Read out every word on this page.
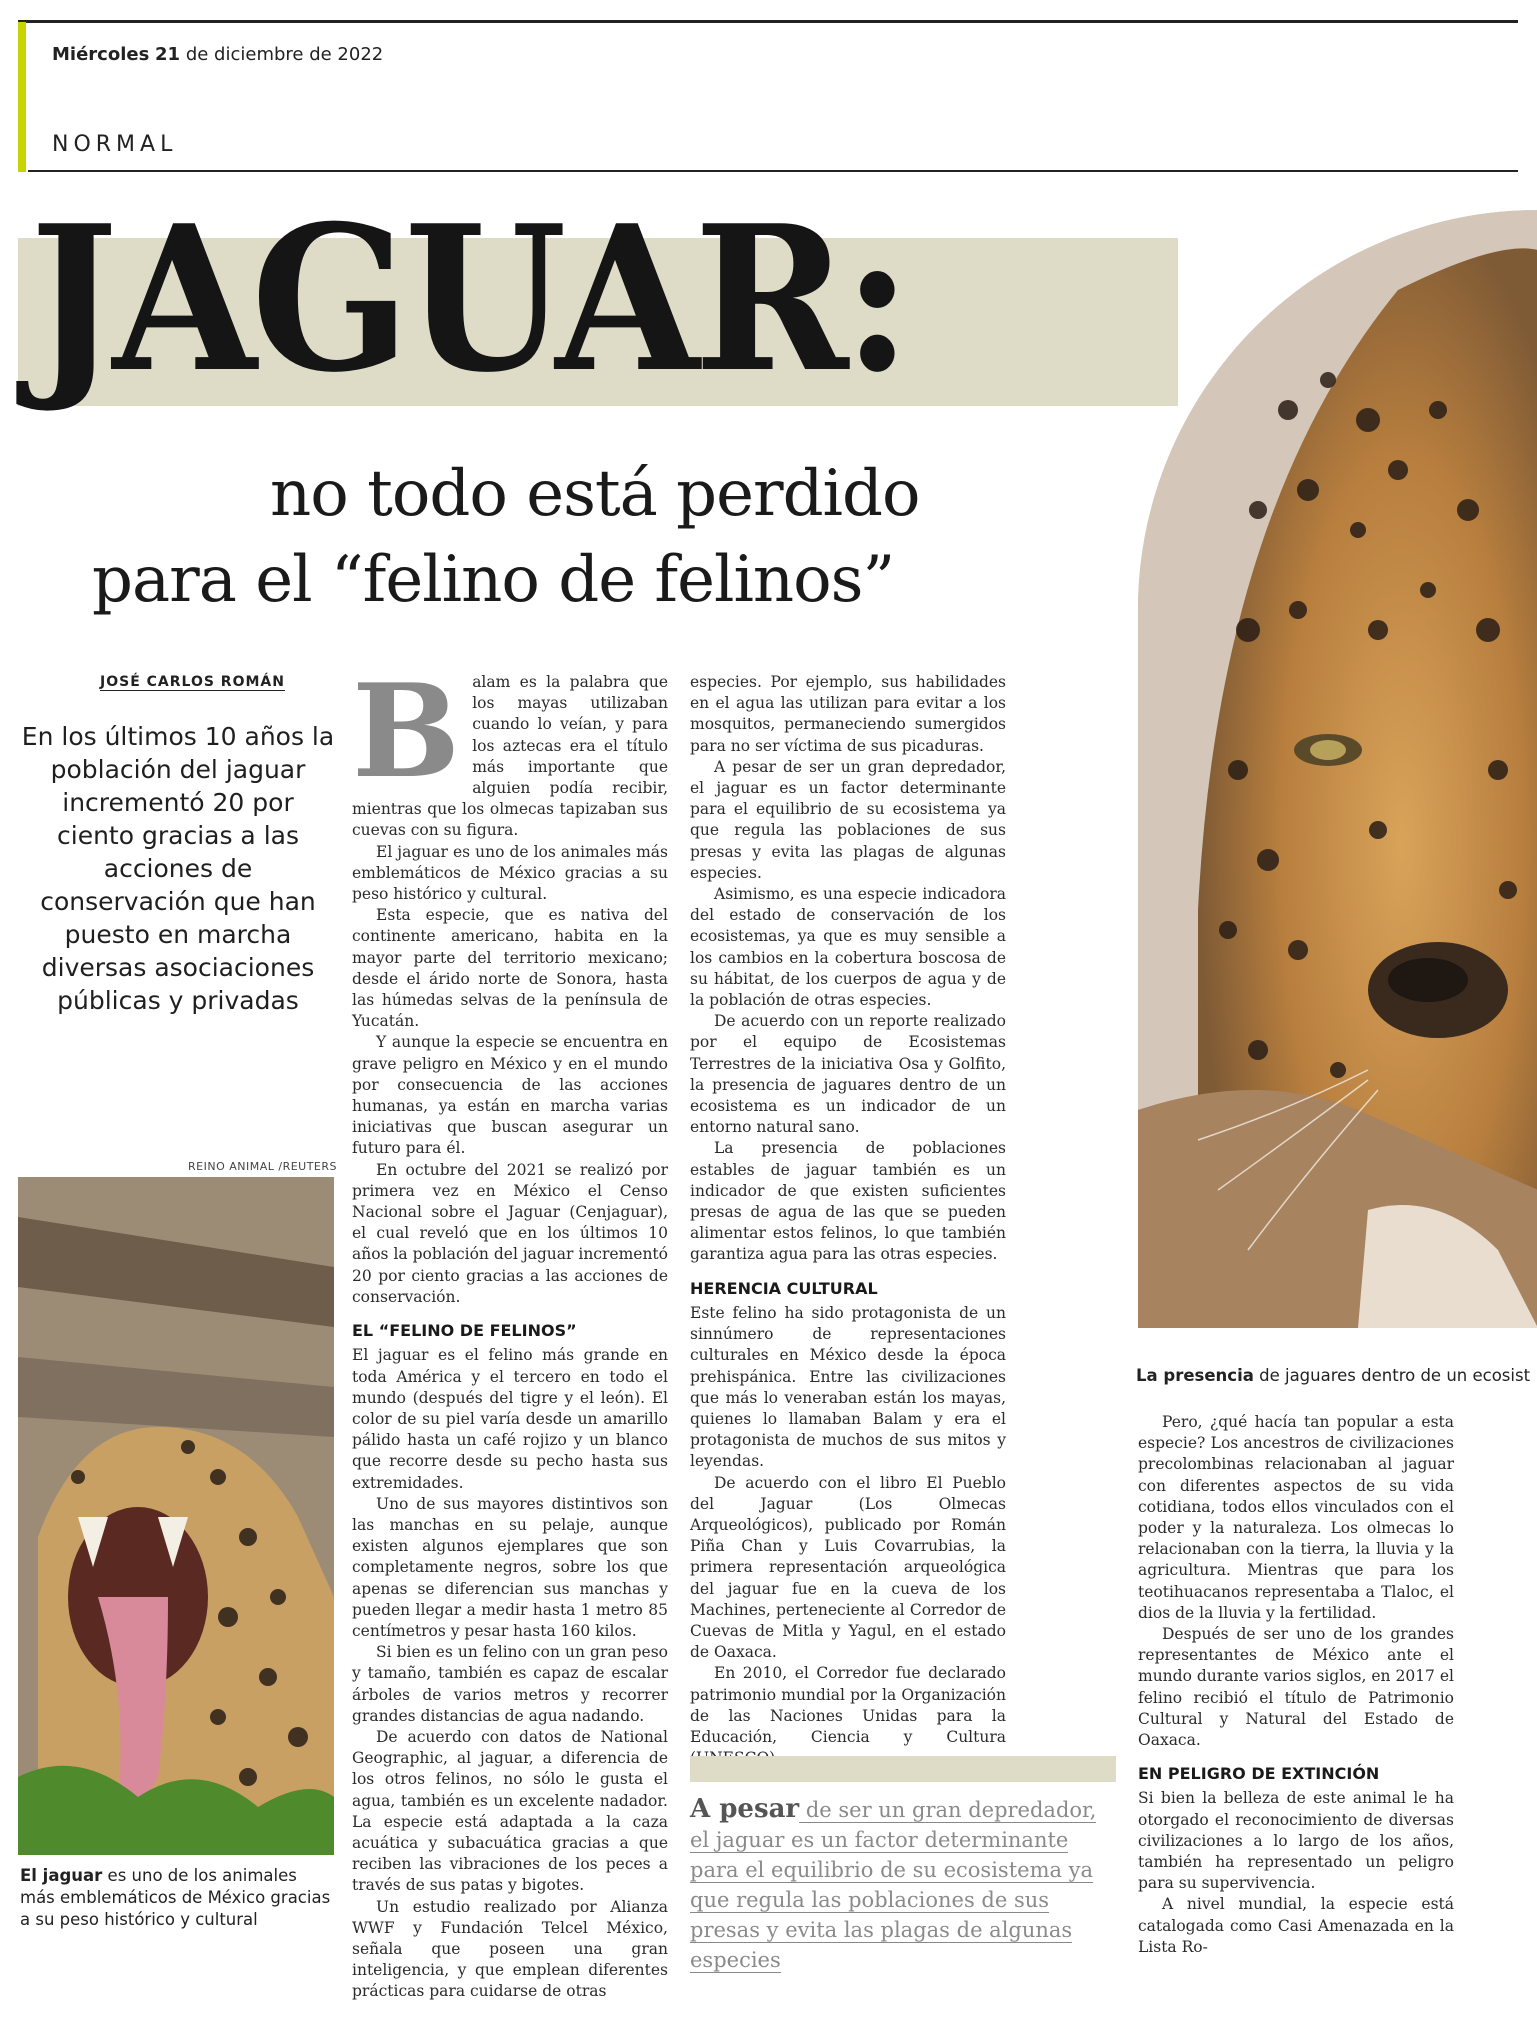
Miércoles 21 de diciembre de 2022
NORMAL
JAGUAR:
no todo está perdido
para el “felino de felinos”
JOSÉ CARLOS ROMÁN
En los últimos 10 años la población del jaguar incrementó 20 por ciento gracias a las acciones de conservación que han puesto en marcha diversas asociaciones públicas y privadas
REINO ANIMAL /REUTERS
El jaguar es uno de los animales más emblemáticos de México gracias a su peso histórico y cultural
La presencia de jaguares dentro de un ecosist
B alam es la palabra que los mayas utilizaban cuando lo veían, y para los aztecas era el título más importante que alguien podía recibir, mientras que los olmecas tapizaban sus cuevas con su figura.

El jaguar es uno de los animales más emblemáticos de México gracias a su peso histórico y cultural.

Esta especie, que es nativa del continente americano, habita en la mayor parte del territorio mexicano; desde el árido norte de Sonora, hasta las húmedas selvas de la península de Yucatán.

Y aunque la especie se encuentra en grave peligro en México y en el mundo por consecuencia de las acciones humanas, ya están en marcha varias iniciativas que buscan asegurar un futuro para él.

En octubre del 2021 se realizó por primera vez en México el Censo Nacional sobre el Jaguar (Cenjaguar), el cual reveló que en los últimos 10 años la población del jaguar incrementó 20 por ciento gracias a las acciones de conservación.

EL “FELINO DE FELINOS”

El jaguar es el felino más grande en toda América y el tercero en todo el mundo (después del tigre y el león). El color de su piel varía desde un amarillo pálido hasta un café rojizo y un blanco que recorre desde su pecho hasta sus extremidades.

Uno de sus mayores distintivos son las manchas en su pelaje, aunque existen algunos ejemplares que son completamente negros, sobre los que apenas se diferencian sus manchas y pueden llegar a medir hasta 1 metro 85 centímetros y pesar hasta 160 kilos.

Si bien es un felino con un gran peso y tamaño, también es capaz de escalar árboles de varios metros y recorrer grandes distancias de agua nadando.

De acuerdo con datos de National Geographic, al jaguar, a diferencia de los otros felinos, no sólo le gusta el agua, también es un excelente nadador. La especie está adaptada a la caza acuática y subacuática gracias a que reciben las vibraciones de los peces a través de sus patas y bigotes.

Un estudio realizado por Alianza WWF y Fundación Telcel México, señala que poseen una gran inteligencia, y que emplean diferentes prácticas para cuidarse de otras

especies. Por ejemplo, sus habilidades en el agua las utilizan para evitar a los mosquitos, permaneciendo sumergidos para no ser víctima de sus picaduras.

A pesar de ser un gran depredador, el jaguar es un factor determinante para el equilibrio de su ecosistema ya que regula las poblaciones de sus presas y evita las plagas de algunas especies.

Asimismo, es una especie indicadora del estado de conservación de los ecosistemas, ya que es muy sensible a los cambios en la cobertura boscosa de su hábitat, de los cuerpos de agua y de la población de otras especies.

De acuerdo con un reporte realizado por el equipo de Ecosistemas Terrestres de la iniciativa Osa y Golfito, la presencia de jaguares dentro de un ecosistema es un indicador de un entorno natural sano.

La presencia de poblaciones estables de jaguar también es un indicador de que existen suficientes presas de agua de las que se pueden alimentar estos felinos, lo que también garantiza agua para las otras especies.

HERENCIA CULTURAL

Este felino ha sido protagonista de un sinnúmero de representaciones culturales en México desde la época prehispánica. Entre las civilizaciones que más lo veneraban están los mayas, quienes lo llamaban Balam y era el protagonista de muchos de sus mitos y leyendas.

De acuerdo con el libro El Pueblo del Jaguar (Los Olmecas Arqueológicos), publicado por Román Piña Chan y Luis Covarrubias, la primera representación arqueológica del jaguar fue en la cueva de los Machines, perteneciente al Corredor de Cuevas de Mitla y Yagul, en el estado de Oaxaca.

En 2010, el Corredor fue declarado patrimonio mundial por la Organización de las Naciones Unidas para la Educación, Ciencia y Cultura

A pesar de ser un gran depredador, el jaguar es un factor determinante para el equilibrio de su ecosistema ya que regula las poblaciones de sus presas y evita las plagas de algunas especies

Pero, ¿qué hacía tan popular a esta especie? Los ancestros de civilizaciones precolombinas relacionaban al jaguar con diferentes aspectos de su vida cotidiana, todos ellos vinculados con el poder y la naturaleza. Los olmecas lo relacionaban con la tierra, la lluvia y la agricultura. Mientras que para los teotihuacanos representaba a Tlaloc, el dios de la lluvia y la fertilidad.

Después de ser uno de los grandes representantes de México ante el mundo durante varios siglos, en 2017 el felino recibió el título de Patrimonio Cultural y Natural del Estado de Oaxaca.

EN PELIGRO DE EXTINCIÓN

Si bien la belleza de este animal le ha otorgado el reconocimiento de diversas civilizaciones a lo largo de los años, también ha representado un peligro para su supervivencia.

A nivel mundial, la especie está catalogada como Casi Amenazada en la Lista Ro-
